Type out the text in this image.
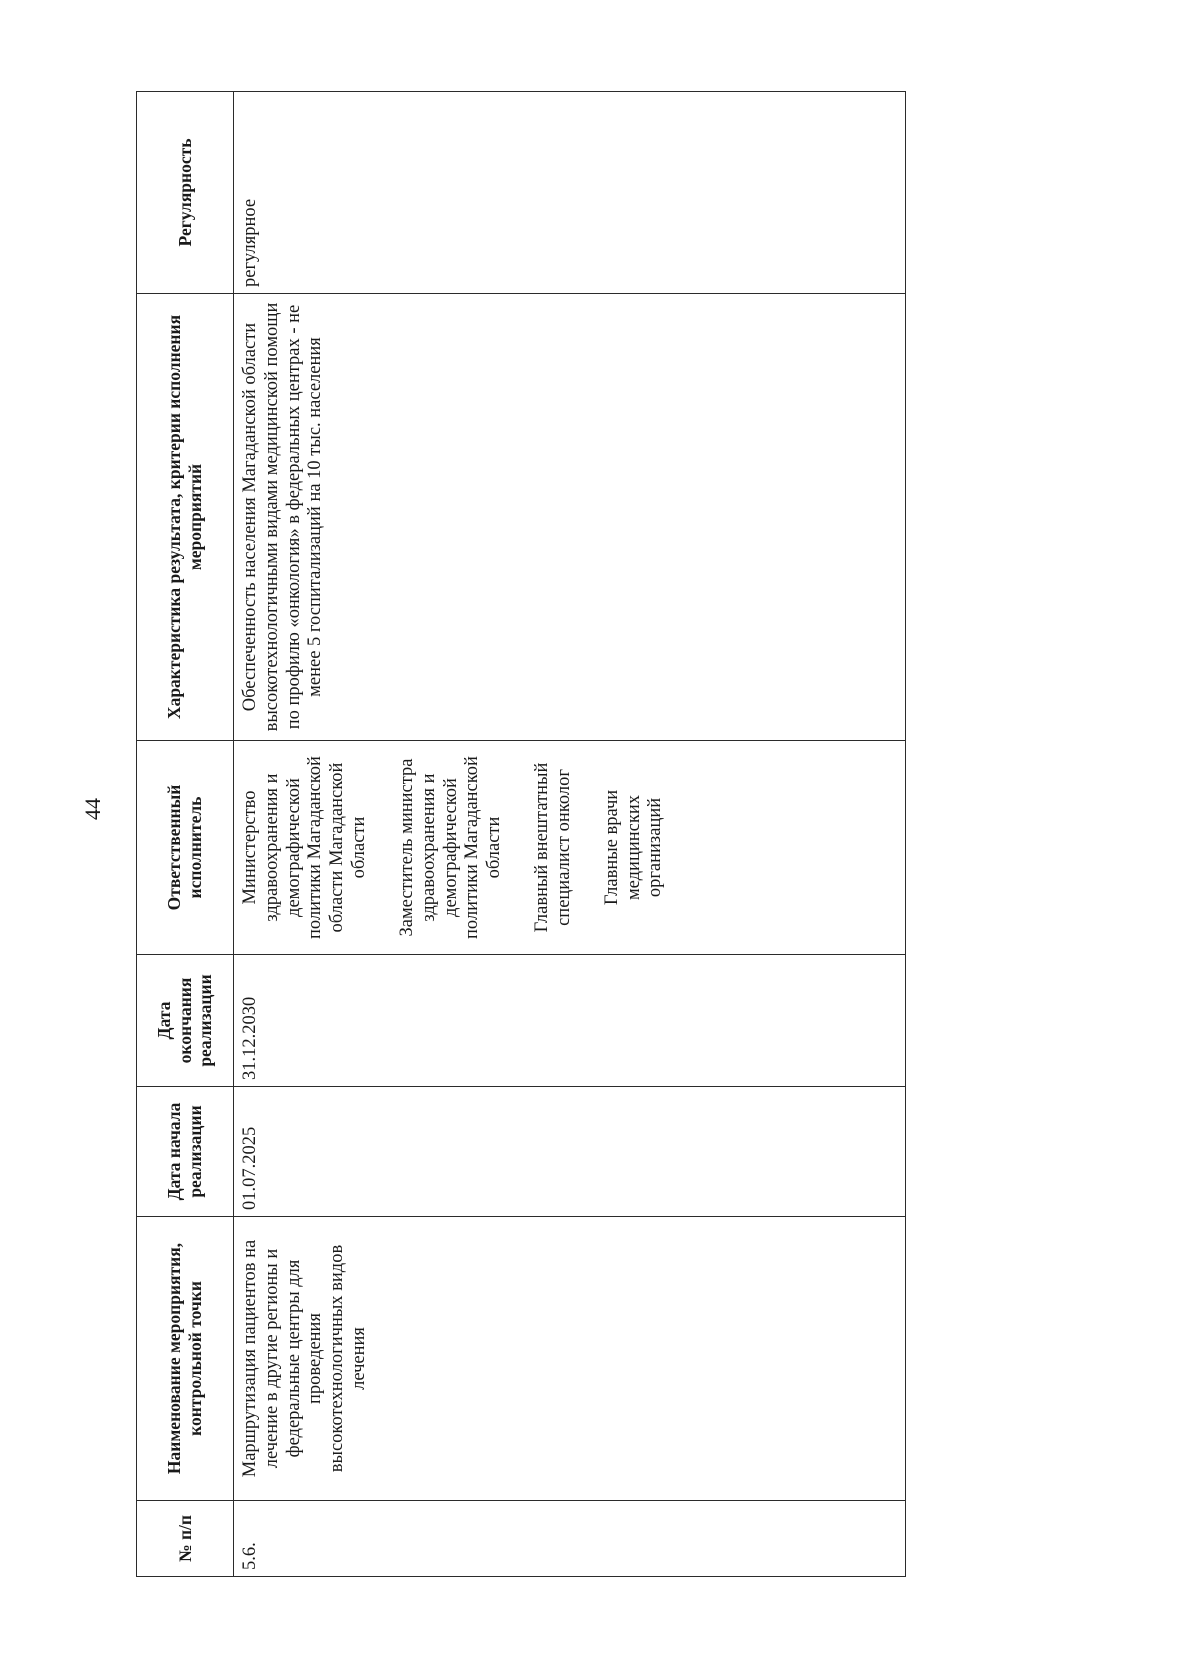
44
№ п/п	Наименование мероприятия, контрольной точки	Дата начала реализации	Дата окончания реализации	Ответственный исполнитель	Характеристика результата, критерии исполнения мероприятий	Регулярность
5.6.	Маршрутизация пациентов на лечение в другие регионы и федеральные центры для проведения высокотехнологичных видов лечения	01.07.2025	31.12.2030	Министерство здравоохранения и демографической политики Магаданской области Магаданской области Заместитель министра здравоохранения и демографической политики Магаданской области Главный внештатный специалист онколог Главные врачи медицинских организаций	Обеспеченность населения Магаданской области высокотехнологичными видами медицинской помощи по профилю «онкология» в федеральных центрах - не менее 5 госпитализаций на 10 тыс. населения	регулярное
